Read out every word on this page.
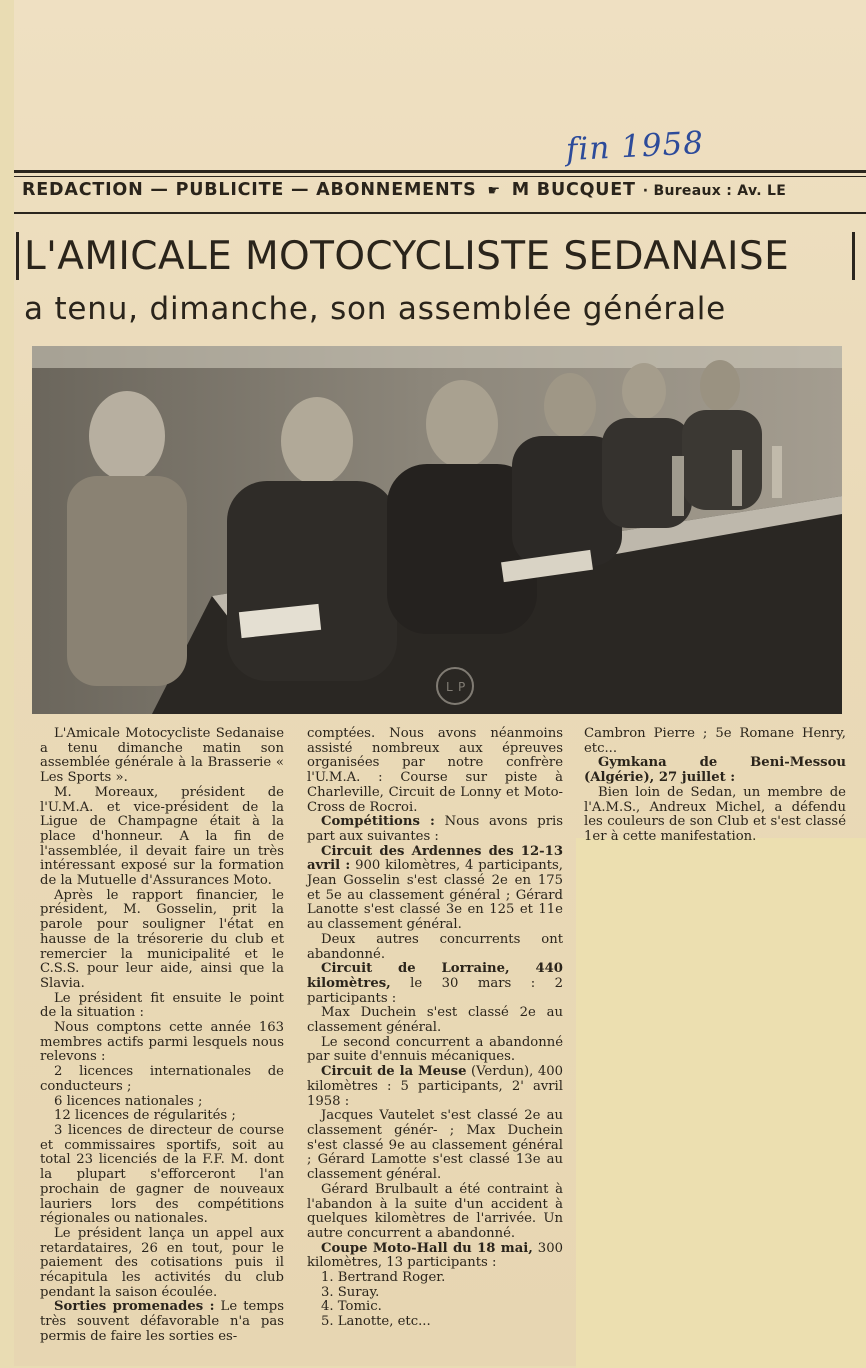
fin 1958
REDACTION — PUBLICITE — ABONNEMENTS ☛ M BUCQUET · Bureaux : Av. LE
L'AMICALE MOTOCYCLISTE SEDANAISE
a tenu, dimanche, son assemblée générale
L P

L'Amicale Motocycliste Sedanaise a tenu dimanche matin son assemblée générale à la Brasserie « Les Sports ».

M. Moreaux, président de l'U.M.A. et vice-président de la Ligue de Champagne était à la place d'honneur. A la fin de l'assemblée, il devait faire un très intéressant exposé sur la formation de la Mutuelle d'Assurances Moto.

Après le rapport financier, le président, M. Gosselin, prit la parole pour souligner l'état en hausse de la trésorerie du club et remercier la municipalité et le C.S.S. pour leur aide, ainsi que la Slavia.

Le président fit ensuite le point de la situation :

Nous comptons cette année 163 membres actifs parmi lesquels nous relevons :

2 licences internationales de conducteurs ;

6 licences nationales ;

12 licences de régularités ;

3 licences de directeur de course et commissaires sportifs, soit au total 23 licenciés de la F.F. M. dont la plupart s'efforceront l'an prochain de gagner de nouveaux lauriers lors des compétitions régionales ou nationales.

Le président lança un appel aux retardataires, 26 en tout, pour le paiement des cotisations puis il récapitula les activités du club pendant la saison écoulée.

Sorties promenades : Le temps très souvent défavorable n'a pas permis de faire les sorties es-

comptées. Nous avons néanmoins assisté nombreux aux épreuves organisées par notre confrère l'U.M.A. : Course sur piste à Charleville, Circuit de Lonny et Moto-Cross de Rocroi.

Compétitions : Nous avons pris part aux suivantes :

Circuit des Ardennes des 12-13 avril : 900 kilomètres, 4 participants, Jean Gosselin s'est classé 2e en 175 et 5e au classement général ; Gérard Lanotte s'est classé 3e en 125 et 11e au classement général.

Deux autres concurrents ont abandonné.

Circuit de Lorraine, 440 kilomètres, le 30 mars : 2 participants :

Max Duchein s'est classé 2e au classement général.

Le second concurrent a abandonné par suite d'ennuis mécaniques.

Circuit de la Meuse (Verdun), 400 kilomètres : 5 participants, 2' avril 1958 :

Jacques Vautelet s'est classé 2e au classement génér- ; Max Duchein s'est classé 9e au classement général ; Gérard Lamotte s'est classé 13e au classement général.

Gérard Brulbault a été contraint à l'abandon à la suite d'un accident à quelques kilomètres de l'arrivée. Un autre concurrent a abandonné.

Coupe Moto-Hall du 18 mai, 300 kilomètres, 13 participants :

1. Bertrand Roger.

3. Suray.

4. Tomic.

5. Lanotte, etc...

Cambron Pierre ; 5e Romane Henry, etc...

Gymkana de Beni-Messou (Algérie), 27 juillet :

Bien loin de Sedan, un membre de l'A.M.S., Andreux Michel, a défendu les couleurs de son Club et s'est classé 1er à cette manifestation.
